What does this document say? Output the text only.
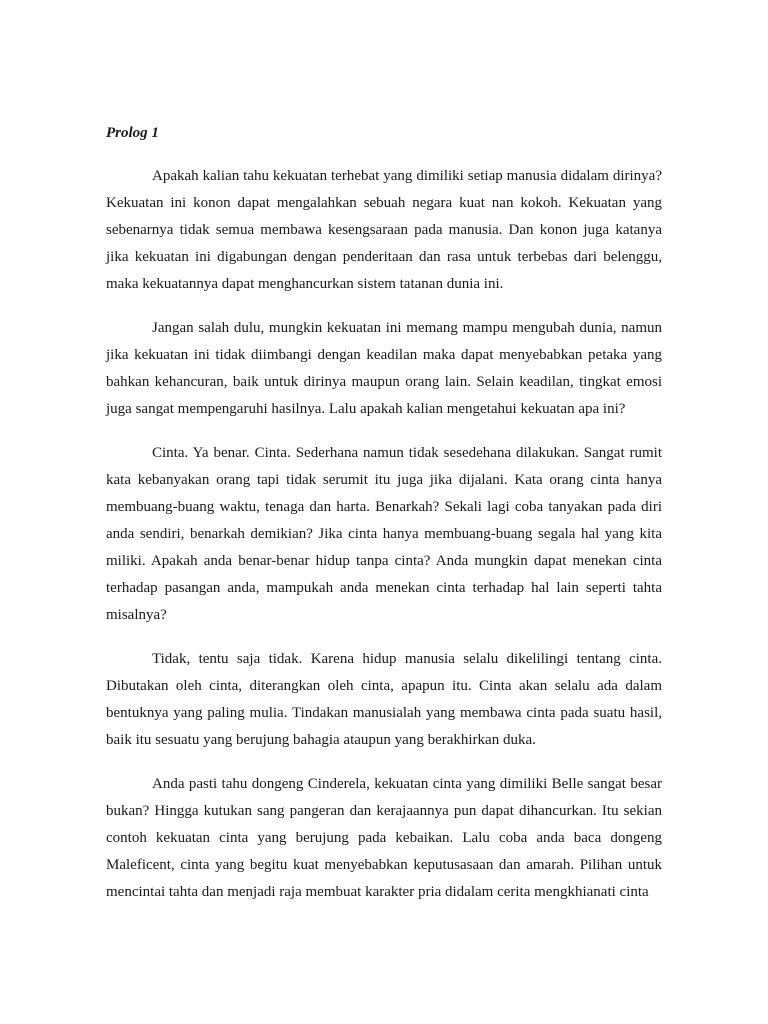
Prolog 1

Apakah kalian tahu kekuatan terhebat yang dimiliki setiap manusia didalam dirinya? Kekuatan ini konon dapat mengalahkan sebuah negara kuat nan kokoh. Kekuatan yang sebenarnya tidak semua membawa kesengsaraan pada manusia. Dan konon juga katanya jika kekuatan ini digabungan dengan penderitaan dan rasa untuk terbebas dari belenggu, maka kekuatannya dapat menghancurkan sistem tatanan dunia ini.

Jangan salah dulu, mungkin kekuatan ini memang mampu mengubah dunia, namun jika kekuatan ini tidak diimbangi dengan keadilan maka dapat menyebabkan petaka yang bahkan kehancuran, baik untuk dirinya maupun orang lain. Selain keadilan, tingkat emosi juga sangat mempengaruhi hasilnya. Lalu apakah kalian mengetahui kekuatan apa ini?

Cinta. Ya benar. Cinta. Sederhana namun tidak sesedehana dilakukan. Sangat rumit kata kebanyakan orang tapi tidak serumit itu juga jika dijalani. Kata orang cinta hanya membuang-buang waktu, tenaga dan harta. Benarkah? Sekali lagi coba tanyakan pada diri anda sendiri, benarkah demikian? Jika cinta hanya membuang-buang segala hal yang kita miliki. Apakah anda benar-benar hidup tanpa cinta? Anda mungkin dapat menekan cinta terhadap pasangan anda, mampukah anda menekan cinta terhadap hal lain seperti tahta misalnya?

Tidak, tentu saja tidak. Karena hidup manusia selalu dikelilingi tentang cinta. Dibutakan oleh cinta, diterangkan oleh cinta, apapun itu. Cinta akan selalu ada dalam bentuknya yang paling mulia. Tindakan manusialah yang membawa cinta pada suatu hasil, baik itu sesuatu yang berujung bahagia ataupun yang berakhirkan duka.

Anda pasti tahu dongeng Cinderela, kekuatan cinta yang dimiliki Belle sangat besar bukan? Hingga kutukan sang pangeran dan kerajaannya pun dapat dihancurkan. Itu sekian contoh kekuatan cinta yang berujung pada kebaikan. Lalu coba anda baca dongeng Maleficent, cinta yang begitu kuat menyebabkan keputusasaan dan amarah. Pilihan untuk mencintai tahta dan menjadi raja membuat karakter pria didalam cerita mengkhianati cinta
